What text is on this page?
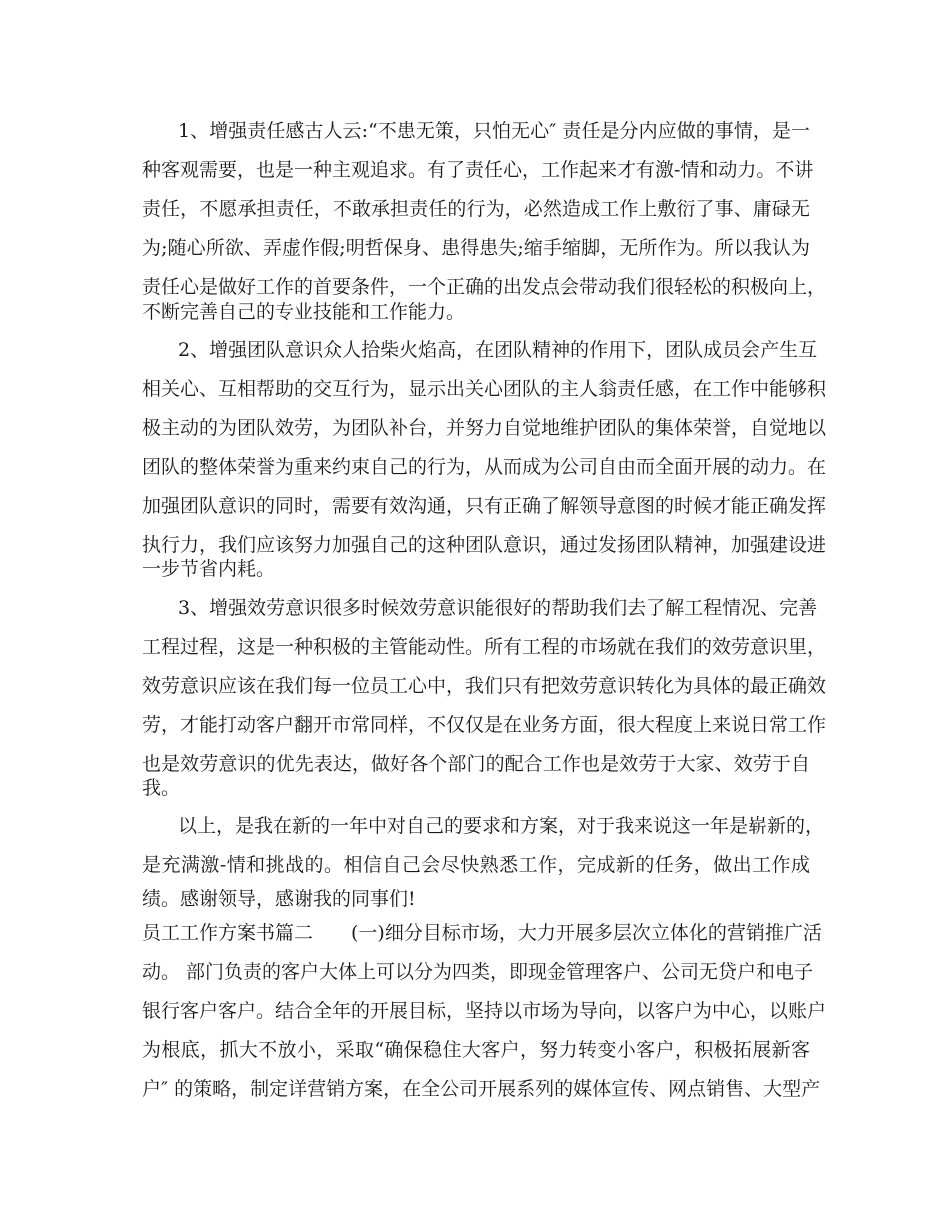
1、增强责任感古人云:“不患无策，只怕无心″ 责任是分内应做的事情，是一
种客观需要，也是一种主观追求。有了责任心，工作起来才有激-情和动力。不讲
责任，不愿承担责任，不敢承担责任的行为，必然造成工作上敷衍了事、庸碌无
为;随心所欲、弄虚作假;明哲保身、患得患失;缩手缩脚，无所作为。所以我认为
责任心是做好工作的首要条件，一个正确的出发点会带动我们很轻松的积极向上，
不断完善自己的专业技能和工作能力。
2、增强团队意识众人拾柴火焰高，在团队精神的作用下，团队成员会产生互
相关心、互相帮助的交互行为，显示出关心团队的主人翁责任感，在工作中能够积
极主动的为团队效劳，为团队补台，并努力自觉地维护团队的集体荣誉，自觉地以
团队的整体荣誉为重来约束自己的行为，从而成为公司自由而全面开展的动力。在
加强团队意识的同时，需要有效沟通，只有正确了解领导意图的时候才能正确发挥
执行力，我们应该努力加强自己的这种团队意识，通过发扬团队精神，加强建设进
一步节省内耗。
3、增强效劳意识很多时候效劳意识能很好的帮助我们去了解工程情况、完善
工程过程，这是一种积极的主管能动性。所有工程的市场就在我们的效劳意识里，
效劳意识应该在我们每一位员工心中，我们只有把效劳意识转化为具体的最正确效
劳，才能打动客户翻开市常同样，不仅仅是在业务方面，很大程度上来说日常工作
也是效劳意识的优先表达，做好各个部门的配合工作也是效劳于大家、效劳于自
我。
以上，是我在新的一年中对自己的要求和方案，对于我来说这一年是崭新的，
是充满激-情和挑战的。相信自己会尽快熟悉工作，完成新的任务，做出工作成
绩。感谢领导，感谢我的同事们!
员工工作方案书篇二　　(一)细分目标市场，大力开展多层次立体化的营销推广活
动。 部门负责的客户大体上可以分为四类，即现金管理客户、公司无贷户和电子
银行客户客户。结合全年的开展目标，坚持以市场为导向，以客户为中心，以账户
为根底，抓大不放小，采取“确保稳住大客户，努力转变小客户，积极拓展新客
户″ 的策略，制定详营销方案，在全公司开展系列的媒体宣传、网点销售、大型产
